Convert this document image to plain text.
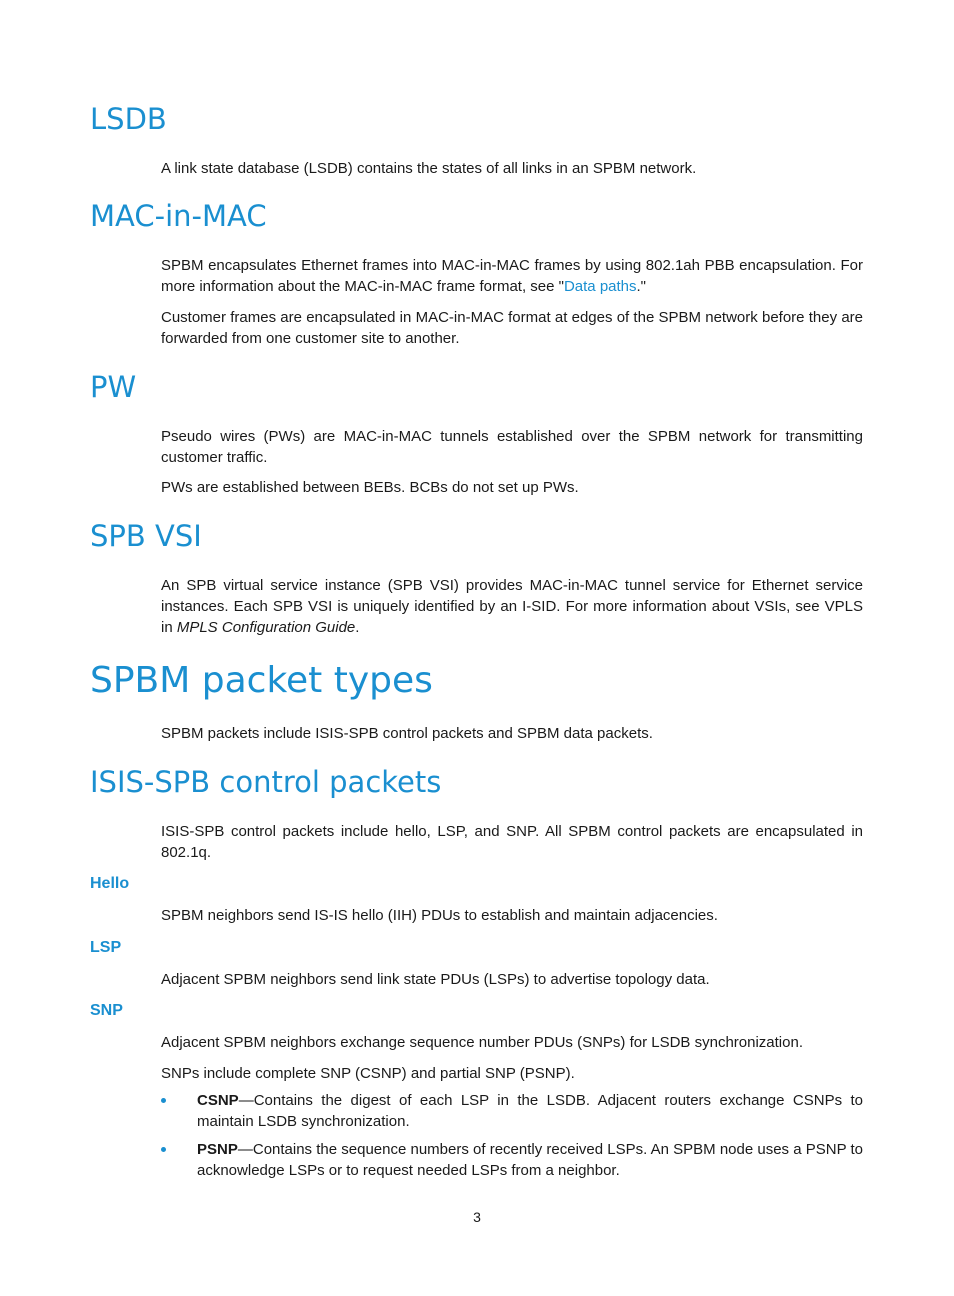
LSDB

A link state database (LSDB) contains the states of all links in an SPBM network.

MAC-in-MAC

SPBM encapsulates Ethernet frames into MAC-in-MAC frames by using 802.1ah PBB encapsulation. For more information about the MAC-in-MAC frame format, see "Data paths."

Customer frames are encapsulated in MAC-in-MAC format at edges of the SPBM network before they are forwarded from one customer site to another.

PW

Pseudo wires (PWs) are MAC-in-MAC tunnels established over the SPBM network for transmitting customer traffic.

PWs are established between BEBs. BCBs do not set up PWs.

SPB VSI

An SPB virtual service instance (SPB VSI) provides MAC-in-MAC tunnel service for Ethernet service instances. Each SPB VSI is uniquely identified by an I-SID. For more information about VSIs, see VPLS in MPLS Configuration Guide.

SPBM packet types

SPBM packets include ISIS-SPB control packets and SPBM data packets.

ISIS-SPB control packets

ISIS-SPB control packets include hello, LSP, and SNP. All SPBM control packets are encapsulated in 802.1q.

Hello

SPBM neighbors send IS-IS hello (IIH) PDUs to establish and maintain adjacencies.

LSP

Adjacent SPBM neighbors send link state PDUs (LSPs) to advertise topology data.

SNP

Adjacent SPBM neighbors exchange sequence number PDUs (SNPs) for LSDB synchronization.

SNPs include complete SNP (CSNP) and partial SNP (PSNP).

CSNP—Contains the digest of each LSP in the LSDB. Adjacent routers exchange CSNPs to maintain LSDB synchronization.

PSNP—Contains the sequence numbers of recently received LSPs. An SPBM node uses a PSNP to acknowledge LSPs or to request needed LSPs from a neighbor.

3
